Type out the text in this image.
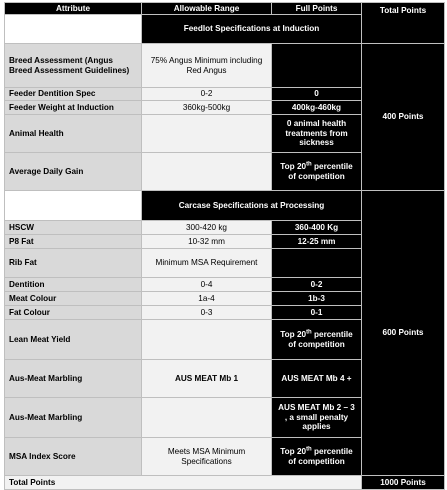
Attribute	Allowable Range	Full Points	Total Points
	Feedlot Specifications at Induction		
Breed Assessment (Angus Breed Assessment Guidelines)	75% Angus Minimum including Red Angus		400 Points
Feeder Dentition Spec	0-2	0	
Feeder Weight at Induction	360kg-500kg	400kg-460kg	
Animal Health		0 animal health treatments from sickness	
Average Daily Gain		Top 20th percentile of competition	
	Carcase Specifications at Processing		600 Points
HSCW	300-420 kg	360-400 Kg	
P8 Fat	10-32 mm	12-25 mm	
Rib Fat	Minimum MSA Requirement		
Dentition	0-4	0-2	
Meat Colour	1a-4	1b-3	
Fat Colour	0-3	0-1	
Lean Meat Yield		Top 20th percentile of competition	
Aus-Meat Marbling	AUS MEAT Mb 1	AUS MEAT Mb 4 +	
Aus-Meat Marbling		AUS MEAT Mb 2 – 3 , a small penalty applies	
MSA Index Score	Meets MSA Minimum Specifications	Top 20th percentile of competition	
Total Points			1000 Points
